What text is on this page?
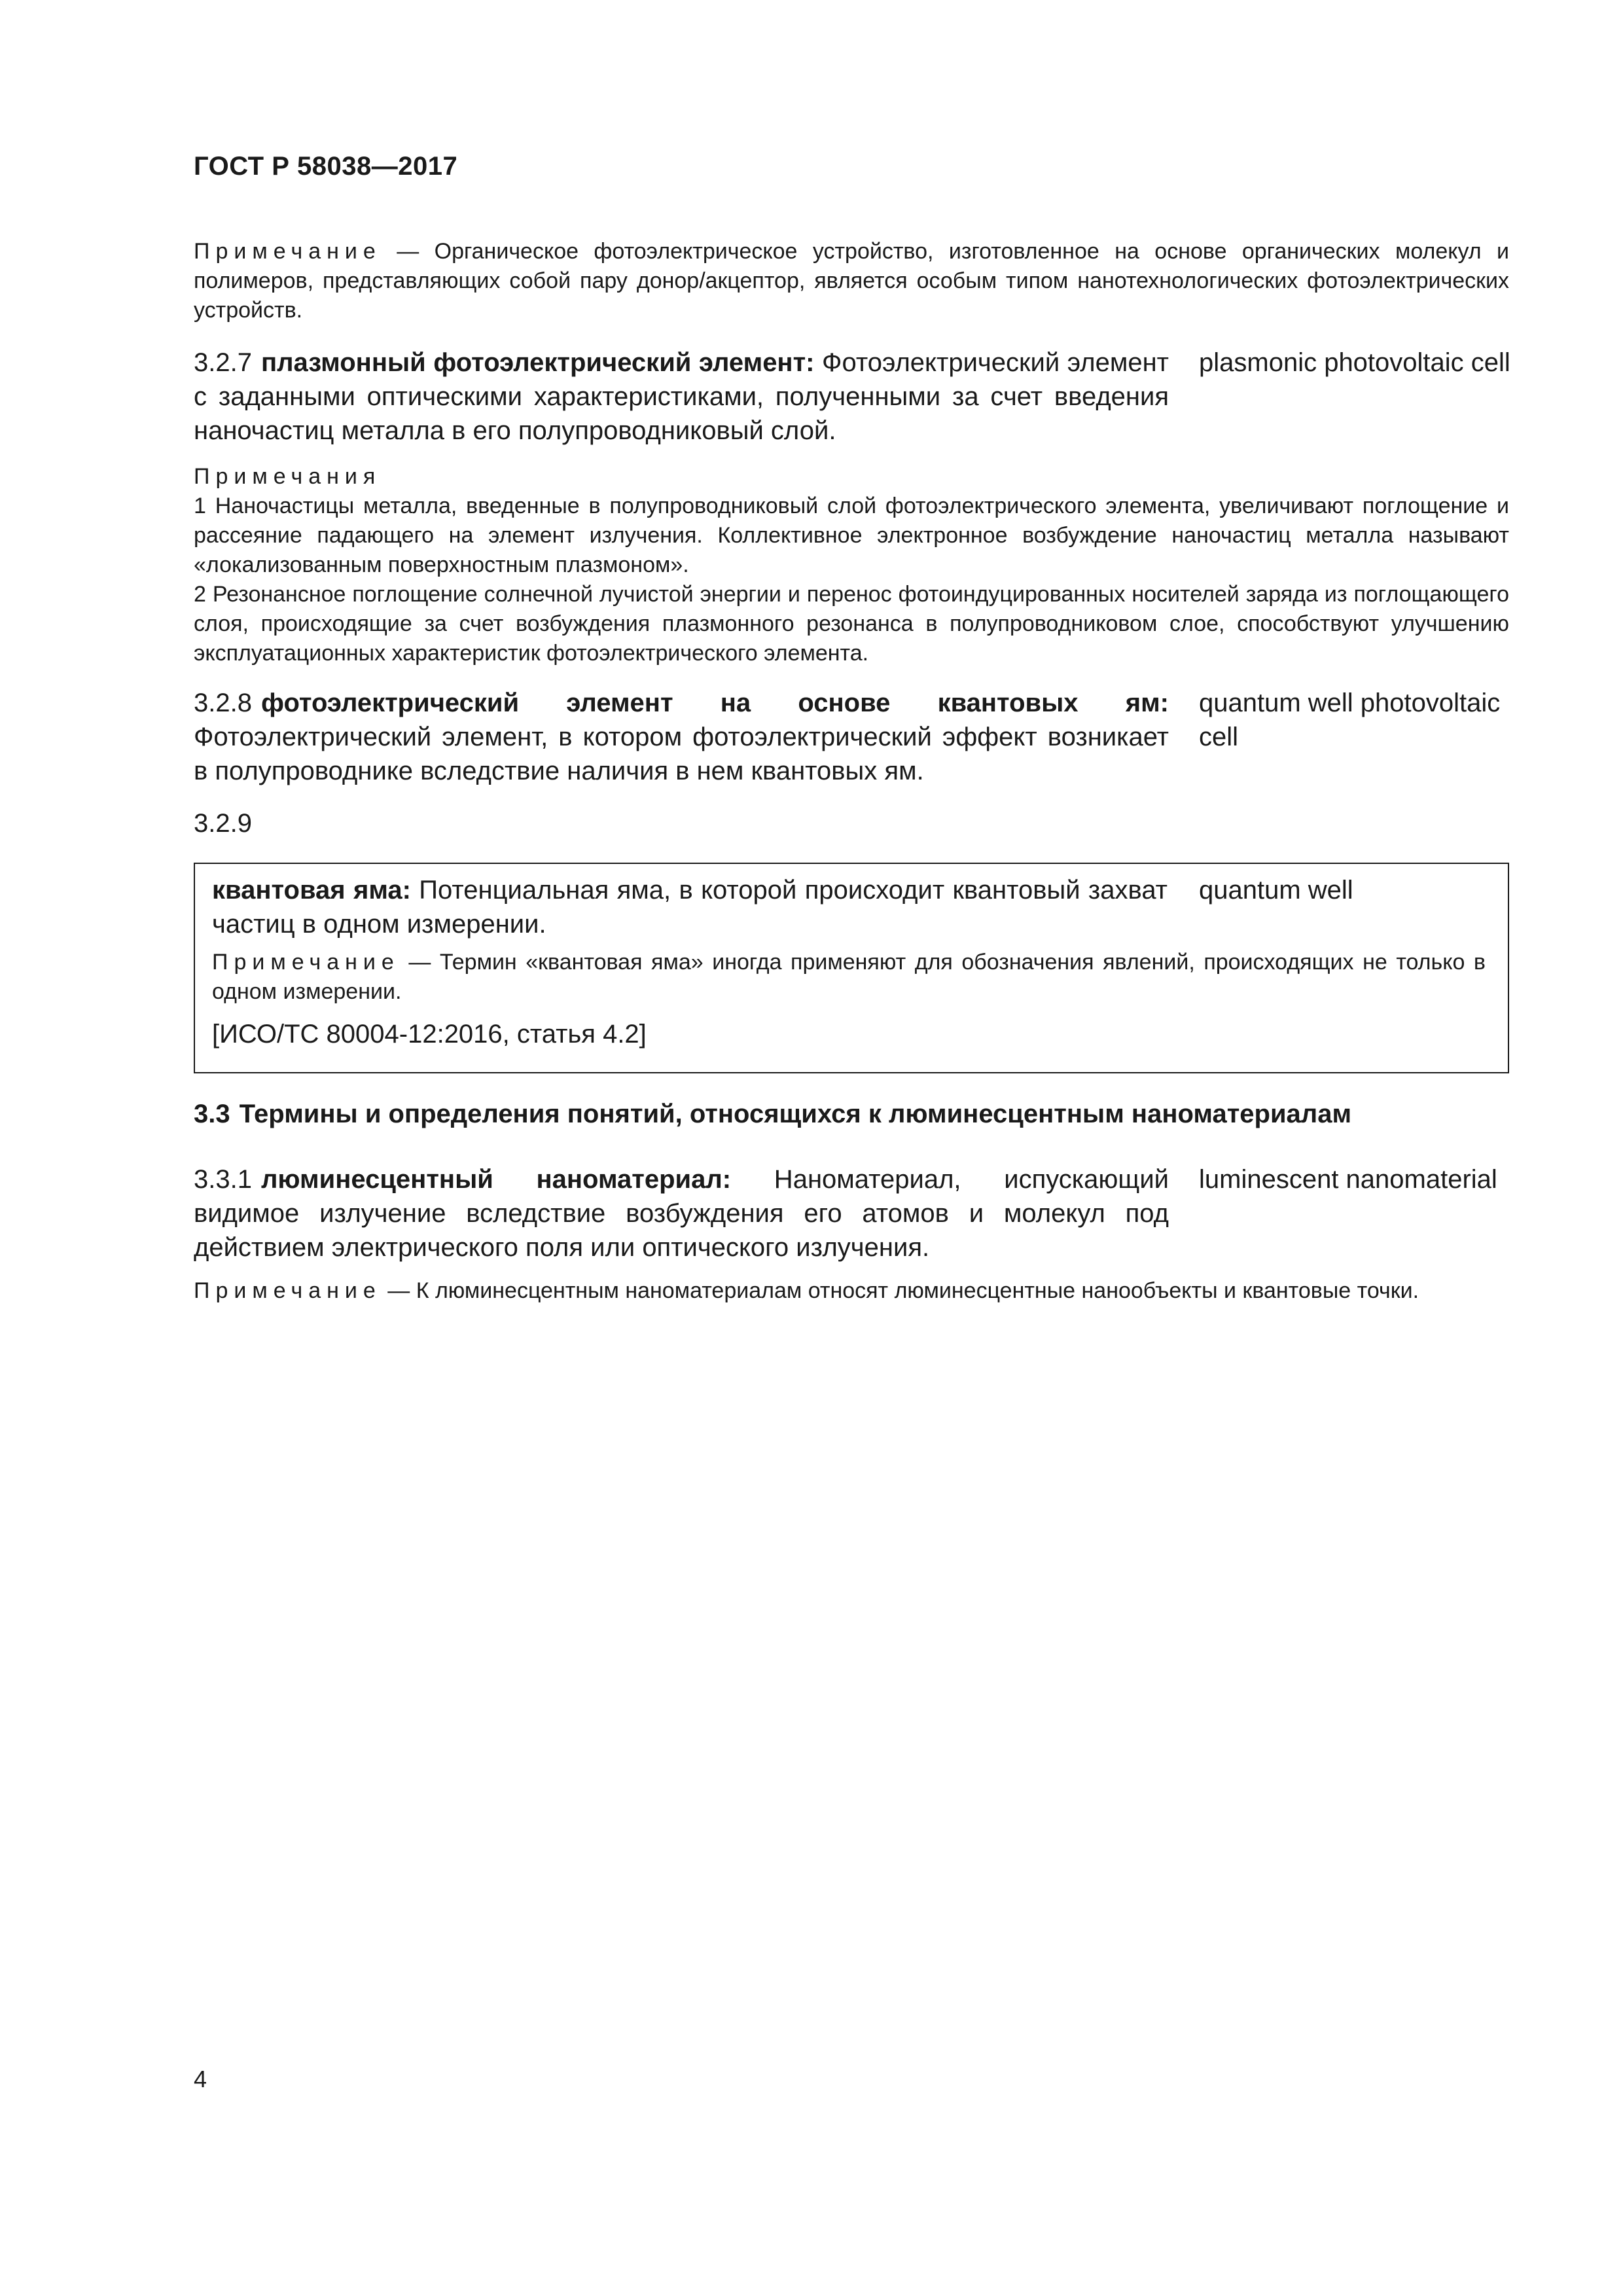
ГОСТ Р 58038—2017
Примечание — Органическое фотоэлектрическое устройство, изготовленное на основе органических молекул и полимеров, представляющих собой пару донор/акцептор, является особым типом нанотехнологических фотоэлектрических устройств.
3.2.7 плазмонный фотоэлектрический элемент: Фотоэлектрический элемент с заданными оптическими характеристиками, полученными за счет введения наночастиц металла в его полупроводниковый слой.
plasmonic photovoltaic cell
Примечания
1 Наночастицы металла, введенные в полупроводниковый слой фотоэлектрического элемента, увеличивают поглощение и рассеяние падающего на элемент излучения. Коллективное электронное возбуждение наночастиц металла называют «локализованным поверхностным плазмоном».
2 Резонансное поглощение солнечной лучистой энергии и перенос фотоиндуцированных носителей заряда из поглощающего слоя, происходящие за счет возбуждения плазмонного резонанса в полупроводниковом слое, способствуют улучшению эксплуатационных характеристик фотоэлектрического элемента.
3.2.8 фотоэлектрический элемент на основе квантовых ям: Фотоэлектрический элемент, в котором фотоэлектрический эффект возникает в полупроводнике вследствие наличия в нем квантовых ям.
quantum well photovoltaic cell
3.2.9
квантовая яма: Потенциальная яма, в которой происходит квантовый захват частиц в одном измерении.
quantum well
Примечание — Термин «квантовая яма» иногда применяют для обозначения явлений, происходящих не только в одном измерении.
[ИСО/ТС 80004-12:2016, статья 4.2]
3.3 Термины и определения понятий, относящихся к люминесцентным наноматериалам
3.3.1 люминесцентный наноматериал: Наноматериал, испускающий видимое излучение вследствие возбуждения его атомов и молекул под действием электрического поля или оптического излучения.
luminescent nanomaterial
Примечание — К люминесцентным наноматериалам относят люминесцентные нанообъекты и квантовые точки.
4
